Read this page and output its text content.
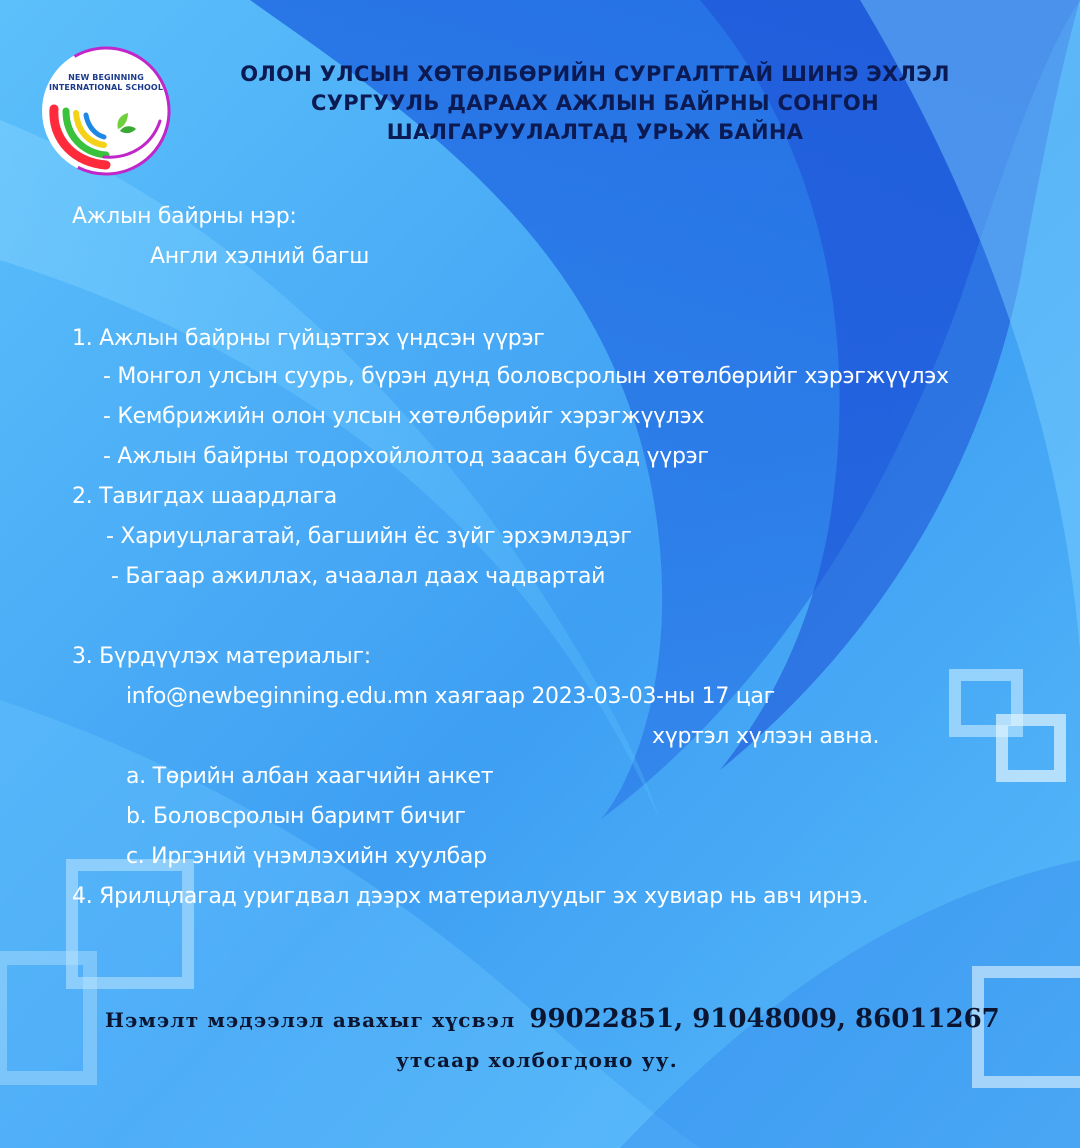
NEW BEGINNING
INTERNATIONAL SCHOOL
ОЛОН УЛСЫН ХӨТӨЛБӨРИЙН СУРГАЛТТАЙ ШИНЭ ЭХЛЭЛ
СУРГУУЛЬ ДАРААХ АЖЛЫН БАЙРНЫ СОНГОН
ШАЛГАРУУЛАЛТАД УРЬЖ БАЙНА
Ажлын байрны нэр:
Англи хэлний багш
1. Ажлын байрны гүйцэтгэх үндсэн үүрэг
- Монгол улсын суурь, бүрэн дунд боловсролын хөтөлбөрийг хэрэгжүүлэх
- Кембрижийн олон улсын хөтөлбөрийг хэрэгжүүлэх
- Ажлын байрны тодорхойлолтод заасан бусад үүрэг
2. Тавигдах шаардлага
- Хариуцлагатай, багшийн ёс зүйг эрхэмлэдэг
- Багаар ажиллах, ачаалал даах чадвартай
3. Бүрдүүлэх материалыг:
info@newbeginning.edu.mn хаягаар 2023-03-03-ны 17 цаг
хүртэл хүлээн авна.
a. Төрийн албан хаагчийн анкет
b. Боловсролын баримт бичиг
c. Иргэний үнэмлэхийн хуулбар
4. Ярилцлагад уригдвал дээрх материалуудыг эх хувиар нь авч ирнэ.
Нэмэлт мэдээлэл авахыг хүсвэл 99022851, 91048009, 86011267
утсаар холбогдоно уу.
